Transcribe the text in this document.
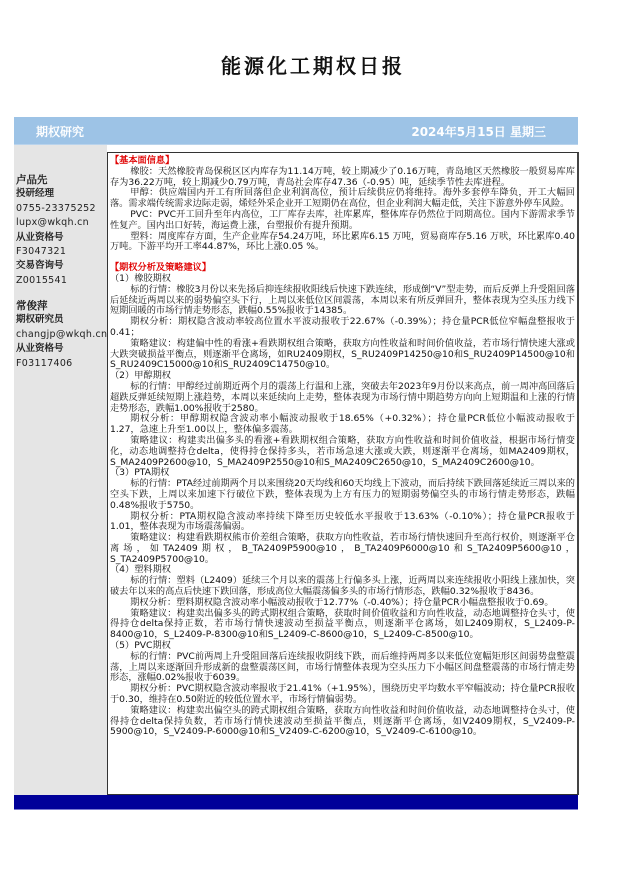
能源化工期权日报
期权研究	2024年5月15日 星期三
卢品先
投研经理
0755-23375252
lupx@wkqh.cn
从业资格号
F3047321
交易咨询号
Z0015541
常俊萍
期权研究员
changjp@wkqh.cn
从业资格号
F03117406

【基本面信息】

橡胶：天然橡胶青岛保税区区内库存为11.14万吨，较上期减少了0.16万吨，青岛地区天然橡胶一般贸易库库存为36.22万吨，较上期减少0.79万吨，青岛社会库存47.36（-0.95）吨，延续季节性去库进程。

甲醇：供应端国内开工有所回落但企业利润高位，预计后续供应仍将维持。海外多套停车降负，开工大幅回落。需求端传统需求边际走弱，烯烃外采企业开工短期仍在高位，但企业利润大幅走低，关注下游意外停车风险。

PVC：PVC开工回升至年内高位，工厂库存去库，社库累库，整体库存仍然位于同期高位。国内下游需求季节性复产。国内出口好转，海运费上涨，台塑报价有提升预期。

塑料：周度库存方面，生产企业库存54.24万吨，环比累库6.15 万吨，贸易商库存5.16 万吠，环比累库0.40万吨。下游平均开工率44.87%，环比上涨0.05 %。

【期权分析及策略建议】

（1）橡胶期权

标的行情：橡胶3月份以来先扬后抑连续报收阳线后快速下跌连续，形成倒“V”型走势，而后反弹上升受阻回落后延续近两周以来的弱势偏空头下行，上周以来低位区间震荡，本周以来有所反弹回升，整体表现为空头压力线下短期回暖的市场行情走势形态，跌幅0.55%报收于14385。

期权分析：期权隐含波动率较高位置水平波动报收于22.67%（-0.39%）；持仓量PCR低位窄幅盘整报收于0.41；

策略建议：构建偏中性的看涨+看跌期权组合策略，获取方向性收益和时间价值收益，若市场行情快速大涨或大跌突破损益平衡点，则逐渐平仓离场，如RU2409期权，S_RU2409P14250@10和S_RU2409P14500@10和S_RU2409C15000@10和S_RU2409C14750@10。

（2）甲醇期权

标的行情：甲醇经过前期近两个月的震荡上行温和上涨，突破去年2023年9月份以来高点，前一周冲高回落后超跌反弹延续短期上涨趋势，本周以来延续向上走势，整体表现为市场行情中期趋势方向向上短期温和上涨的行情走势形态，跌幅1.00%报收于2580。

期权分析：甲醇期权隐含波动率小幅波动报收于18.65%（+0.32%）；持仓量PCR低位小幅波动报收于1.27，急速上升至1.00以上，整体偏多震荡。

策略建议：构建卖出偏多头的看涨+看跌期权组合策略，获取方向性收益和时间价值收益，根据市场行情变化，动态地调整持仓delta，使得持仓保持多头，若市场急速大涨或大跌，则逐渐平仓离场，如MA2409期权，S_MA2409P2600@10，S_MA2409P2550@10和S_MA2409C2650@10，S_MA2409C2600@10。

（3）PTA期权

标的行情：PTA经过前期两个月以来围绕20天均线和60天均线上下波动，而后持续下跌回落延续近三周以来的空头下跌，上周以来加速下行破位下跌，整体表现为上方有压力的短期弱势偏空头的市场行情走势形态，跌幅0.48%报收于5750。

期权分析：PTA期权隐含波动率持续下降至历史较低水平报收于13.63%（-0.10%）；持仓量PCR报收于1.01，整体表现为市场震荡偏弱。

策略建议：构建看跌期权熊市价差组合策略，获取方向性收益，若市场行情快速回升至高行权价，则逐渐平仓离场，如TA2409期权，B_TA2409P5900@10，B_TA2409P6000@10和S_TA2409P5600@10，S_TA2409P5700@10。

（4）塑料期权

标的行情：塑料（L2409）延续三个月以来的震荡上行偏多头上涨，近两周以来连续报收小阳线上涨加快，突破去年以来的高点后快速下跌回落，形成高位大幅震荡偏多头的市场行情形态，跌幅0.32%报收于8436。

期权分析：塑料期权隐含波动率小幅波动报收于12.77%（-0.40%）；持仓量PCR小幅盘整报收于0.69。

策略建议：构建卖出偏多头的跨式期权组合策略，获取时间价值收益和方向性收益，动态地调整持仓头寸，使得持仓delta保持正数，若市场行情快速波动至损益平衡点，则逐渐平仓离场，如L2409期权，S_L2409-P-8400@10，S_L2409-P-8300@10和S_L2409-C-8600@10，S_L2409-C-8500@10。

（5）PVC期权

标的行情：PVC前两周上升受阻回落后连续报收阴线下跌，而后维持两周多以来低位宽幅矩形区间弱势盘整震荡，上周以来逐渐回升形成新的盘整震荡区间，市场行情整体表现为空头压力下小幅区间盘整震荡的市场行情走势形态，涨幅0.02%报收于6039。

期权分析：PVC期权隐含波动率报收于21.41%（+1.95%），围绕历史平均数水平窄幅波动；持仓量PCR报收于0.30，维持在0.50附近的较低位置水平，市场行情偏弱势。

策略建议：构建卖出偏空头的跨式期权组合策略，获取方向性收益和时间价值收益，动态地调整持仓头寸，使得持仓delta保持负数，若市场行情快速波动至损益平衡点，则逐渐平仓离场，如V2409期权，S_V2409-P-5900@10，S_V2409-P-6000@10和S_V2409-C-6200@10，S_V2409-C-6100@10。
